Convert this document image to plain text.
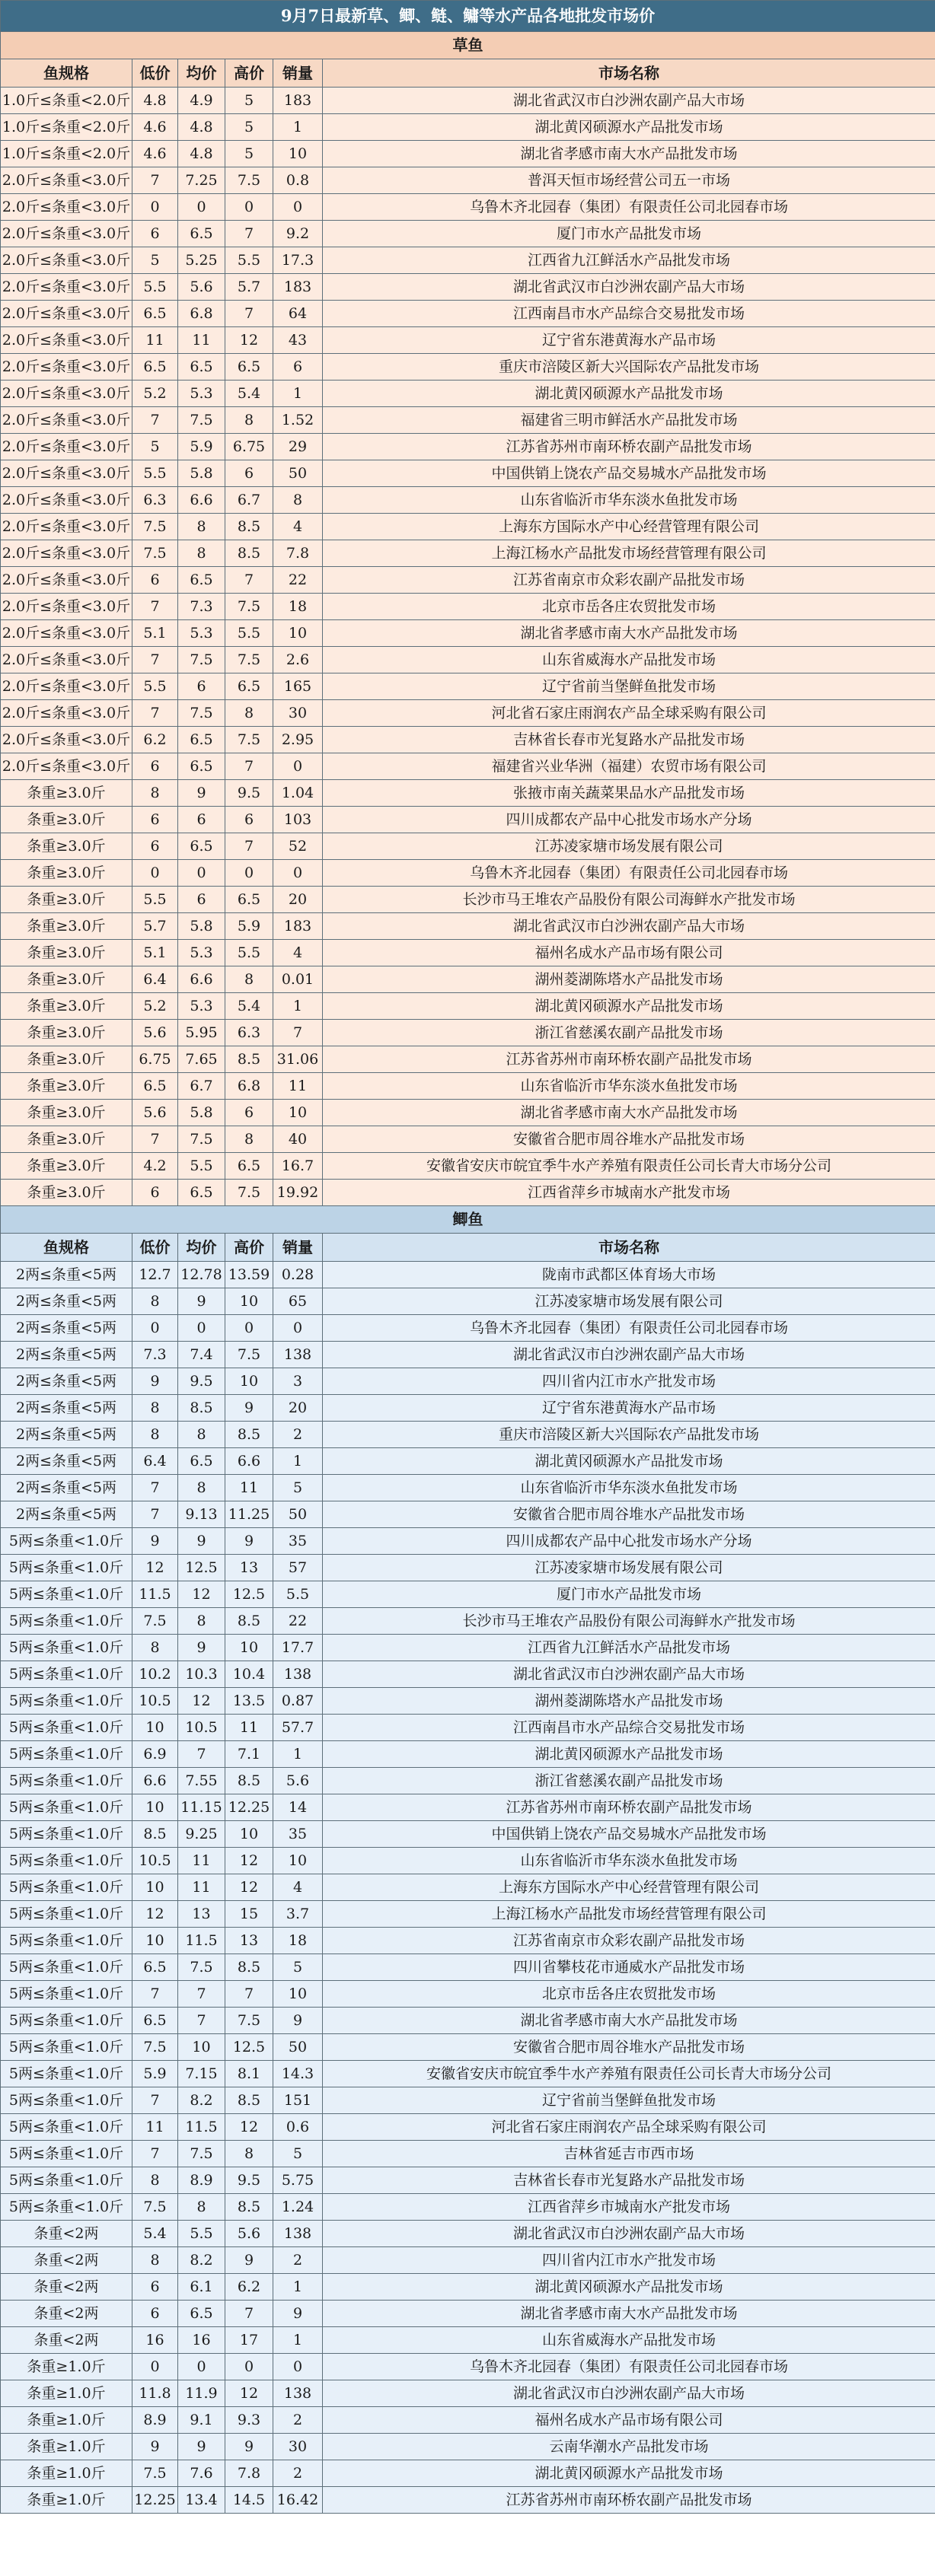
9月7日最新草、鲫、鲢、鳙等水产品各地批发市场价					
草鱼					
鱼规格	低价	均价	高价	销量	市场名称
1.0斤≤条重<2.0斤	4.8	4.9	5	183	湖北省武汉市白沙洲农副产品大市场
1.0斤≤条重<2.0斤	4.6	4.8	5	1	湖北黄冈硕源水产品批发市场
1.0斤≤条重<2.0斤	4.6	4.8	5	10	湖北省孝感市南大水产品批发市场
2.0斤≤条重<3.0斤	7	7.25	7.5	0.8	普洱天恒市场经营公司五一市场
2.0斤≤条重<3.0斤	0	0	0	0	乌鲁木齐北园春（集团）有限责任公司北园春市场
2.0斤≤条重<3.0斤	6	6.5	7	9.2	厦门市水产品批发市场
2.0斤≤条重<3.0斤	5	5.25	5.5	17.3	江西省九江鲜活水产品批发市场
2.0斤≤条重<3.0斤	5.5	5.6	5.7	183	湖北省武汉市白沙洲农副产品大市场
2.0斤≤条重<3.0斤	6.5	6.8	7	64	江西南昌市水产品综合交易批发市场
2.0斤≤条重<3.0斤	11	11	12	43	辽宁省东港黄海水产品市场
2.0斤≤条重<3.0斤	6.5	6.5	6.5	6	重庆市涪陵区新大兴国际农产品批发市场
2.0斤≤条重<3.0斤	5.2	5.3	5.4	1	湖北黄冈硕源水产品批发市场
2.0斤≤条重<3.0斤	7	7.5	8	1.52	福建省三明市鲜活水产品批发市场
2.0斤≤条重<3.0斤	5	5.9	6.75	29	江苏省苏州市南环桥农副产品批发市场
2.0斤≤条重<3.0斤	5.5	5.8	6	50	中国供销上饶农产品交易城水产品批发市场
2.0斤≤条重<3.0斤	6.3	6.6	6.7	8	山东省临沂市华东淡水鱼批发市场
2.0斤≤条重<3.0斤	7.5	8	8.5	4	上海东方国际水产中心经营管理有限公司
2.0斤≤条重<3.0斤	7.5	8	8.5	7.8	上海江杨水产品批发市场经营管理有限公司
2.0斤≤条重<3.0斤	6	6.5	7	22	江苏省南京市众彩农副产品批发市场
2.0斤≤条重<3.0斤	7	7.3	7.5	18	北京市岳各庄农贸批发市场
2.0斤≤条重<3.0斤	5.1	5.3	5.5	10	湖北省孝感市南大水产品批发市场
2.0斤≤条重<3.0斤	7	7.5	7.5	2.6	山东省威海水产品批发市场
2.0斤≤条重<3.0斤	5.5	6	6.5	165	辽宁省前当堡鲜鱼批发市场
2.0斤≤条重<3.0斤	7	7.5	8	30	河北省石家庄雨润农产品全球采购有限公司
2.0斤≤条重<3.0斤	6.2	6.5	7.5	2.95	吉林省长春市光复路水产品批发市场
2.0斤≤条重<3.0斤	6	6.5	7	0	福建省兴业华洲（福建）农贸市场有限公司
条重≥3.0斤	8	9	9.5	1.04	张掖市南关蔬菜果品水产品批发市场
条重≥3.0斤	6	6	6	103	四川成都农产品中心批发市场水产分场
条重≥3.0斤	6	6.5	7	52	江苏凌家塘市场发展有限公司
条重≥3.0斤	0	0	0	0	乌鲁木齐北园春（集团）有限责任公司北园春市场
条重≥3.0斤	5.5	6	6.5	20	长沙市马王堆农产品股份有限公司海鲜水产批发市场
条重≥3.0斤	5.7	5.8	5.9	183	湖北省武汉市白沙洲农副产品大市场
条重≥3.0斤	5.1	5.3	5.5	4	福州名成水产品市场有限公司
条重≥3.0斤	6.4	6.6	8	0.01	湖州菱湖陈塔水产品批发市场
条重≥3.0斤	5.2	5.3	5.4	1	湖北黄冈硕源水产品批发市场
条重≥3.0斤	5.6	5.95	6.3	7	浙江省慈溪农副产品批发市场
条重≥3.0斤	6.75	7.65	8.5	31.06	江苏省苏州市南环桥农副产品批发市场
条重≥3.0斤	6.5	6.7	6.8	11	山东省临沂市华东淡水鱼批发市场
条重≥3.0斤	5.6	5.8	6	10	湖北省孝感市南大水产品批发市场
条重≥3.0斤	7	7.5	8	40	安徽省合肥市周谷堆水产品批发市场
条重≥3.0斤	4.2	5.5	6.5	16.7	安徽省安庆市皖宜季牛水产养殖有限责任公司长青大市场分公司
条重≥3.0斤	6	6.5	7.5	19.92	江西省萍乡市城南水产批发市场
鲫鱼					
鱼规格	低价	均价	高价	销量	市场名称
2两≤条重<5两	12.7	12.78	13.59	0.28	陇南市武都区体育场大市场
2两≤条重<5两	8	9	10	65	江苏凌家塘市场发展有限公司
2两≤条重<5两	0	0	0	0	乌鲁木齐北园春（集团）有限责任公司北园春市场
2两≤条重<5两	7.3	7.4	7.5	138	湖北省武汉市白沙洲农副产品大市场
2两≤条重<5两	9	9.5	10	3	四川省内江市水产批发市场
2两≤条重<5两	8	8.5	9	20	辽宁省东港黄海水产品市场
2两≤条重<5两	8	8	8.5	2	重庆市涪陵区新大兴国际农产品批发市场
2两≤条重<5两	6.4	6.5	6.6	1	湖北黄冈硕源水产品批发市场
2两≤条重<5两	7	8	11	5	山东省临沂市华东淡水鱼批发市场
2两≤条重<5两	7	9.13	11.25	50	安徽省合肥市周谷堆水产品批发市场
5两≤条重<1.0斤	9	9	9	35	四川成都农产品中心批发市场水产分场
5两≤条重<1.0斤	12	12.5	13	57	江苏凌家塘市场发展有限公司
5两≤条重<1.0斤	11.5	12	12.5	5.5	厦门市水产品批发市场
5两≤条重<1.0斤	7.5	8	8.5	22	长沙市马王堆农产品股份有限公司海鲜水产批发市场
5两≤条重<1.0斤	8	9	10	17.7	江西省九江鲜活水产品批发市场
5两≤条重<1.0斤	10.2	10.3	10.4	138	湖北省武汉市白沙洲农副产品大市场
5两≤条重<1.0斤	10.5	12	13.5	0.87	湖州菱湖陈塔水产品批发市场
5两≤条重<1.0斤	10	10.5	11	57.7	江西南昌市水产品综合交易批发市场
5两≤条重<1.0斤	6.9	7	7.1	1	湖北黄冈硕源水产品批发市场
5两≤条重<1.0斤	6.6	7.55	8.5	5.6	浙江省慈溪农副产品批发市场
5两≤条重<1.0斤	10	11.15	12.25	14	江苏省苏州市南环桥农副产品批发市场
5两≤条重<1.0斤	8.5	9.25	10	35	中国供销上饶农产品交易城水产品批发市场
5两≤条重<1.0斤	10.5	11	12	10	山东省临沂市华东淡水鱼批发市场
5两≤条重<1.0斤	10	11	12	4	上海东方国际水产中心经营管理有限公司
5两≤条重<1.0斤	12	13	15	3.7	上海江杨水产品批发市场经营管理有限公司
5两≤条重<1.0斤	10	11.5	13	18	江苏省南京市众彩农副产品批发市场
5两≤条重<1.0斤	6.5	7.5	8.5	5	四川省攀枝花市通威水产品批发市场
5两≤条重<1.0斤	7	7	7	10	北京市岳各庄农贸批发市场
5两≤条重<1.0斤	6.5	7	7.5	9	湖北省孝感市南大水产品批发市场
5两≤条重<1.0斤	7.5	10	12.5	50	安徽省合肥市周谷堆水产品批发市场
5两≤条重<1.0斤	5.9	7.15	8.1	14.3	安徽省安庆市皖宜季牛水产养殖有限责任公司长青大市场分公司
5两≤条重<1.0斤	7	8.2	8.5	151	辽宁省前当堡鲜鱼批发市场
5两≤条重<1.0斤	11	11.5	12	0.6	河北省石家庄雨润农产品全球采购有限公司
5两≤条重<1.0斤	7	7.5	8	5	吉林省延吉市西市场
5两≤条重<1.0斤	8	8.9	9.5	5.75	吉林省长春市光复路水产品批发市场
5两≤条重<1.0斤	7.5	8	8.5	1.24	江西省萍乡市城南水产批发市场
条重<2两	5.4	5.5	5.6	138	湖北省武汉市白沙洲农副产品大市场
条重<2两	8	8.2	9	2	四川省内江市水产批发市场
条重<2两	6	6.1	6.2	1	湖北黄冈硕源水产品批发市场
条重<2两	6	6.5	7	9	湖北省孝感市南大水产品批发市场
条重<2两	16	16	17	1	山东省威海水产品批发市场
条重≥1.0斤	0	0	0	0	乌鲁木齐北园春（集团）有限责任公司北园春市场
条重≥1.0斤	11.8	11.9	12	138	湖北省武汉市白沙洲农副产品大市场
条重≥1.0斤	8.9	9.1	9.3	2	福州名成水产品市场有限公司
条重≥1.0斤	9	9	9	30	云南华潮水产品批发市场
条重≥1.0斤	7.5	7.6	7.8	2	湖北黄冈硕源水产品批发市场
条重≥1.0斤	12.25	13.4	14.5	16.42	江苏省苏州市南环桥农副产品批发市场
